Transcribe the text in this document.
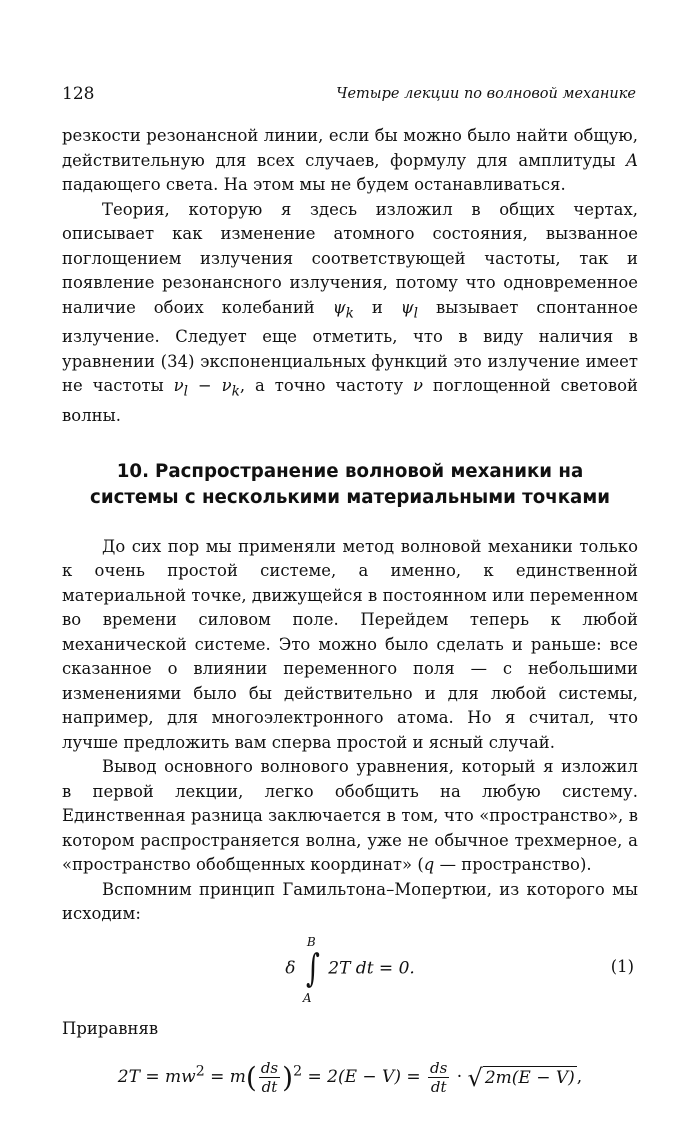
128	Четыре лекции по волновой механике

резкости резонансной линии, если бы можно было найти общую, действительную для всех случаев, формулу для амплитуды A падающего света. На этом мы не будем останавливаться.

Теория, которую я здесь изложил в общих чертах, описывает как изменение атомного состояния, вызванное поглощением излучения соответствующей частоты, так и появление резонансного излучения, потому что одновременное наличие обоих колебаний $\psi_k$ и $\psi_l$ вызывает спонтанное излучение. Следует еще отметить, что в виду наличия в уравнении (34) экспоненциальных функций это излучение имеет не частоты $\nu_l - \nu_k$, а точно частоту ν поглощенной световой волны.

10. Распространение волновой механики на системы с несколькими материальными точками

До сих пор мы применяли метод волновой механики только к очень простой системе, а именно, к единственной материальной точке, движущейся в постоянном или переменном во времени силовом поле. Перейдем теперь к любой механической системе. Это можно было сделать и раньше: все сказанное о влиянии переменного поля — с небольшими изменениями было бы действительно и для любой системы, например, для многоэлектронного атома. Но я считал, что лучше предложить вам сперва простой и ясный случай.

Вывод основного волнового уравнения, который я изложил в первой лекции, легко обобщить на любую систему. Единственная разница заключается в том, что «пространство», в котором распространяется волна, уже не обычное трехмерное, а «пространство обобщенных координат» (q — пространство).

Вспомним принцип Гамильтона–Мопертюи, из которого мы исходим:

δ
B
∫
A
2T dt = 0.	(1)

Приравняв

$2T = mw^2 = m( \frac{ds}{dt} )^2 = 2(E - V) = \frac{ds}{dt}$ · √ 2m(E − V) ,
